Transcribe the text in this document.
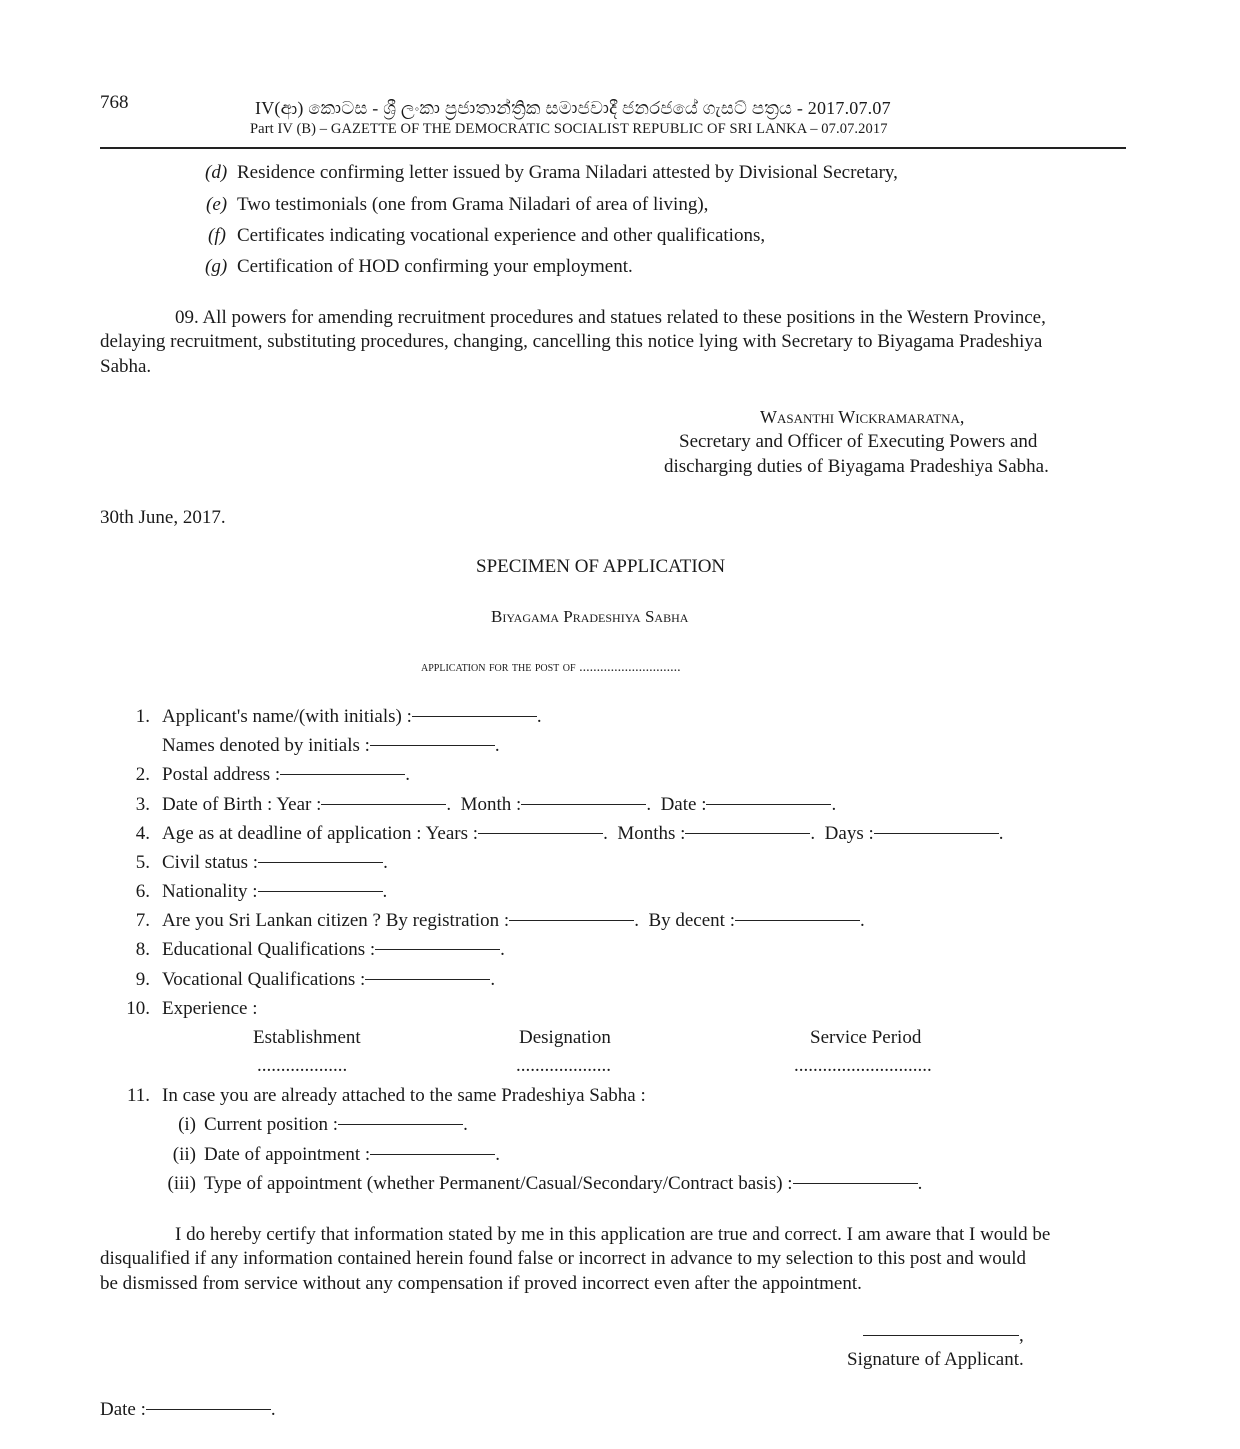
768	IV(ආ) කොටස - ශ්‍රී ලංකා ප්‍රජාතාන්ත්‍රික සමාජවාදී ජනරජයේ ගැසට් පත්‍රය - 2017.07.07
Part IV (B) – GAZETTE OF THE DEMOCRATIC SOCIALIST REPUBLIC OF SRI LANKA – 07.07.2017
(d) Residence confirming letter issued by Grama Niladari attested by Divisional Secretary,
(e) Two testimonials (one from Grama Niladari of area of living),
(f) Certificates indicating vocational experience and other qualifications,
(g) Certification of HOD confirming your employment.
09. All powers for amending recruitment procedures and statues related to these positions in the Western Province,
delaying recruitment, substituting procedures, changing, cancelling this notice lying with Secretary to Biyagama Pradeshiya
Sabha.
Wasanthi Wickramaratna,
Secretary and Officer of Executing Powers and
discharging duties of Biyagama Pradeshiya Sabha.
30th June, 2017.
SPECIMEN OF APPLICATION
Biyagama Pradeshiya Sabha
application for the post of .............................
1. Applicant's name/(with initials) :	.
Names denoted by initials :	.
2. Postal address :	.
3. Date of Birth : Year :	.  Month :	.  Date :	.
4. Age as at deadline of application : Years :	.  Months :	.  Days :	.
5. Civil status :	.
6. Nationality :	.
7. Are you Sri Lankan citizen ? By registration :	.  By decent :	.
8. Educational Qualifications :	.
9. Vocational Qualifications :	.
10. Experience :
Establishment	Designation	Service Period
...................	....................	.............................
11. In case you are already attached to the same Pradeshiya Sabha :
(i) Current position :	.
(ii) Date of appointment :	.
(iii) Type of appointment (whether Permanent/Casual/Secondary/Contract basis) :	.
I do hereby certify that information stated by me in this application are true and correct. I am aware that I would be
disqualified if any information contained herein found false or incorrect in advance to my selection to this post and would
be dismissed from service without any compensation if proved incorrect even after the appointment.
,
Signature of Applicant.
Date :	.
